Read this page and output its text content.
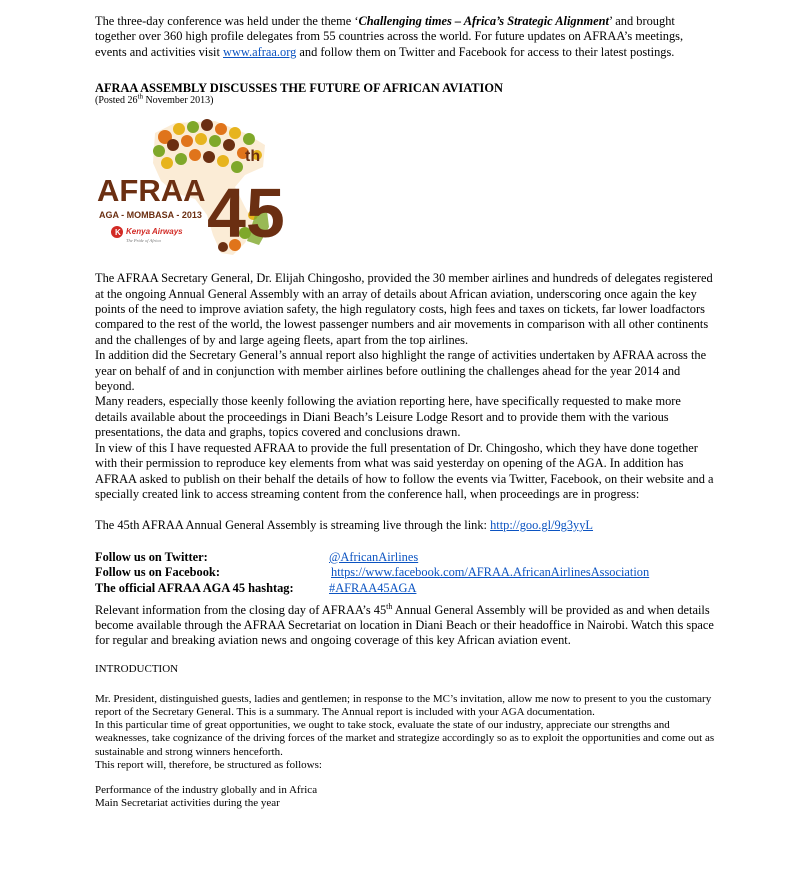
The three-day conference was held under the theme ‘Challenging times – Africa’s Strategic Alignment’ and brought together over 360 high profile delegates from 55 countries across the world. For future updates on AFRAA’s meetings, events and activities visit www.afraa.org and follow them on Twitter and Facebook for access to their latest postings.

AFRAA ASSEMBLY DISCUSSES THE FUTURE OF AFRICAN AVIATION

(Posted 26th November 2013)

AFRAA 45
th
AGA - MOMBASA - 2013
K Kenya Airways
The Pride of Africa

The AFRAA Secretary General, Dr. Elijah Chingosho, provided the 30 member airlines and hundreds of delegates registered at the ongoing Annual General Assembly with an array of details about African aviation, underscoring once again the key points of the need to improve aviation safety, the high regulatory costs, high fees and taxes on tickets, far lower loadfactors compared to the rest of the world, the lowest passenger numbers and air movements in comparison with all other continents and the challenges of by and large ageing fleets, apart from the top airlines.

In addition did the Secretary General’s annual report also highlight the range of activities undertaken by AFRAA across the year on behalf of and in conjunction with member airlines before outlining the challenges ahead for the year 2014 and beyond.

Many readers, especially those keenly following the aviation reporting here, have specifically requested to make more details available about the proceedings in Diani Beach’s Leisure Lodge Resort and to provide them with the various presentations, the data and graphs, topics covered and conclusions drawn.

In view of this I have requested AFRAA to provide the full presentation of Dr. Chingosho, which they have done together with their permission to reproduce key elements from what was said yesterday on opening of the AGA. In addition has AFRAA asked to publish on their behalf the details of how to follow the events via Twitter, Facebook, on their website and a specially created link to access streaming content from the conference hall, when proceedings are in progress:

The 45th AFRAA Annual General Assembly is streaming live through the link: http://goo.gl/9g3yyL

Follow us on Twitter:	@AfricanAirlines
Follow us on Facebook:	https://www.facebook.com/AFRAA.AfricanAirlinesAssociation
The official AFRAA AGA 45 hashtag:	#AFRAA45AGA

Relevant information from the closing day of AFRAA’s 45th Annual General Assembly will be provided as and when details become available through the AFRAA Secretariat on location in Diani Beach or their headoffice in Nairobi. Watch this space for regular and breaking aviation news and ongoing coverage of this key African aviation event.

INTRODUCTION

Mr. President, distinguished guests, ladies and gentlemen; in response to the MC’s invitation, allow me now to present to you the customary report of the Secretary General. This is a summary. The Annual report is included with your AGA documentation.

In this particular time of great opportunities, we ought to take stock, evaluate the state of our industry, appreciate our strengths and weaknesses, take cognizance of the driving forces of the market and strategize accordingly so as to exploit the opportunities and come out as sustainable and strong winners henceforth.

This report will, therefore, be structured as follows:

Performance of the industry globally and in Africa

Main Secretariat activities during the year
